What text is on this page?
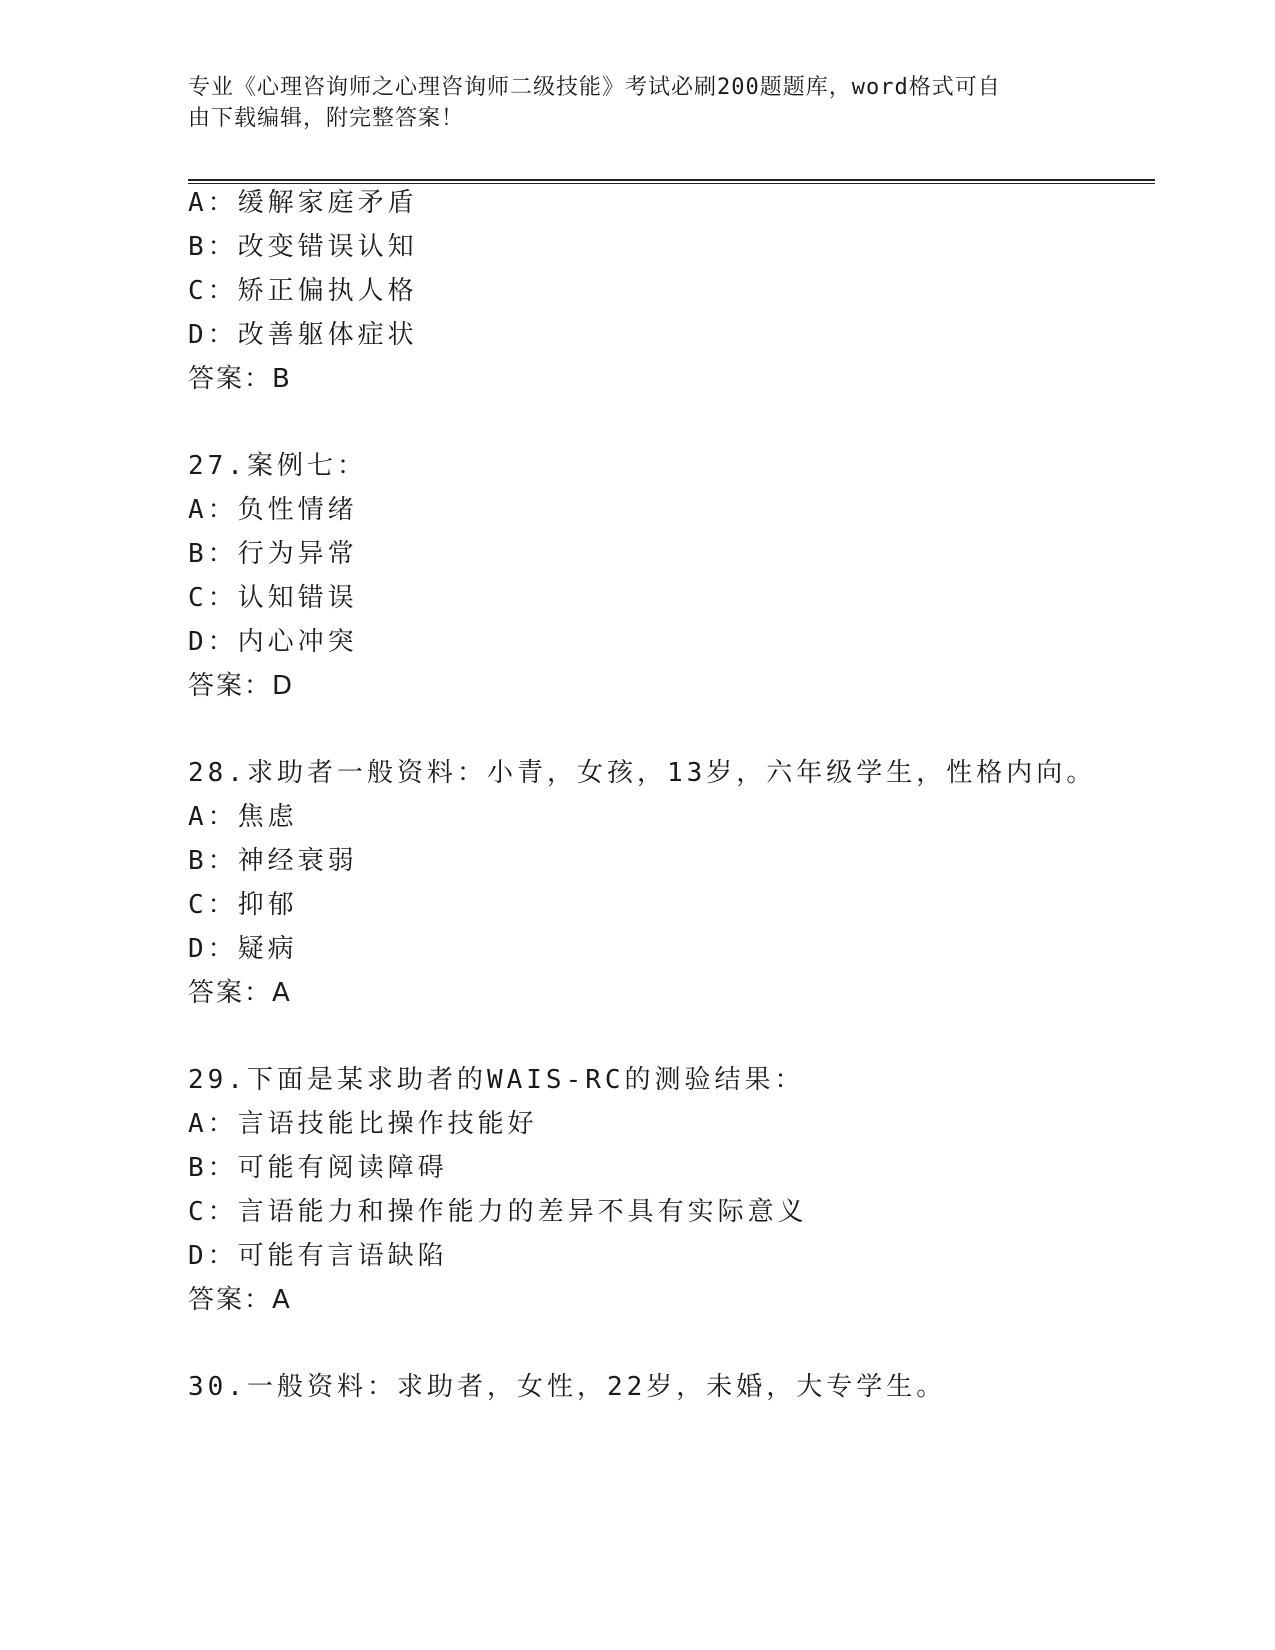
专业《心理咨询师之心理咨询师二级技能》考试必刷200题题库，word格式可自
由下载编辑，附完整答案！
A：缓解家庭矛盾
B：改变错误认知
C：矫正偏执人格
D：改善躯体症状
答案：B
27.案例七：
A：负性情绪
B：行为异常
C：认知错误
D：内心冲突
答案：D
28.求助者一般资料：小青，女孩，13岁，六年级学生，性格内向。
A：焦虑
B：神经衰弱
C：抑郁
D：疑病
答案：A
29.下面是某求助者的WAIS-RC的测验结果：
A：言语技能比操作技能好
B：可能有阅读障碍
C：言语能力和操作能力的差异不具有实际意义
D：可能有言语缺陷
答案：A
30.一般资料：求助者，女性，22岁，未婚，大专学生。
